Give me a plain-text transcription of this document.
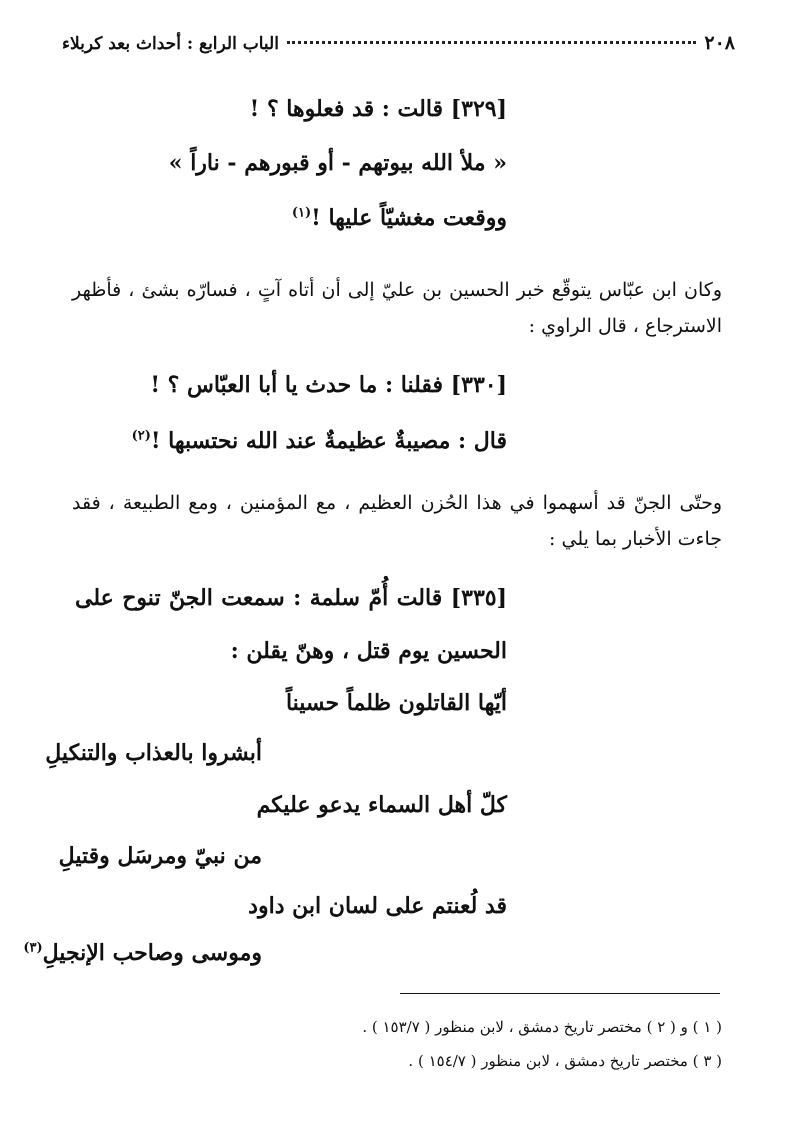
٢٠٨
الباب الرابع : أحداث بعد كربلاء
[٣٢٩] قالت : قد فعلوها ؟ !
« ملأ الله بيوتهم - أو قبورهم - ناراً »
ووقعت مغشيّاً عليها !$^{(١)}$
وكان ابن عبّاس يتوقّع خبر الحسين بن عليّ إلى أن أتاه آتٍ ، فسارّه بشئ ، فأظهر الاسترجاع ، قال الراوي :
[٣٣٠] فقلنا : ما حدث يا أبا العبّاس ؟ !
قال : مصيبةٌ عظيمةٌ عند الله نحتسبها !$^{(٢)}$
وحتّى الجنّ قد أسهموا في هذا الحُزن العظيم ، مع المؤمنين ، ومع الطبيعة ، فقد جاءت الأخبار بما يلي :
[٣٣٥] قالت أُمّ سلمة : سمعت الجنّ تنوح على
الحسين يوم قتل ، وهنّ يقلن :
أيّها القاتلون ظلماً حسيناً
أبشروا بالعذاب والتنكيلِ
كلّ أهل السماء يدعو عليكم
من نبيّ ومرسَل وقتيلِ
قد لُعنتم على لسان ابن داود
وموسى وصاحب الإنجيلِ$^{(٣)}$
( ١ ) و ( ٢ ) مختصر تاريخ دمشق ، لابن منظور ( ١٥٣/٧ ) .
( ٣ ) مختصر تاريخ دمشق ، لابن منظور ( ١٥٤/٧ ) .
